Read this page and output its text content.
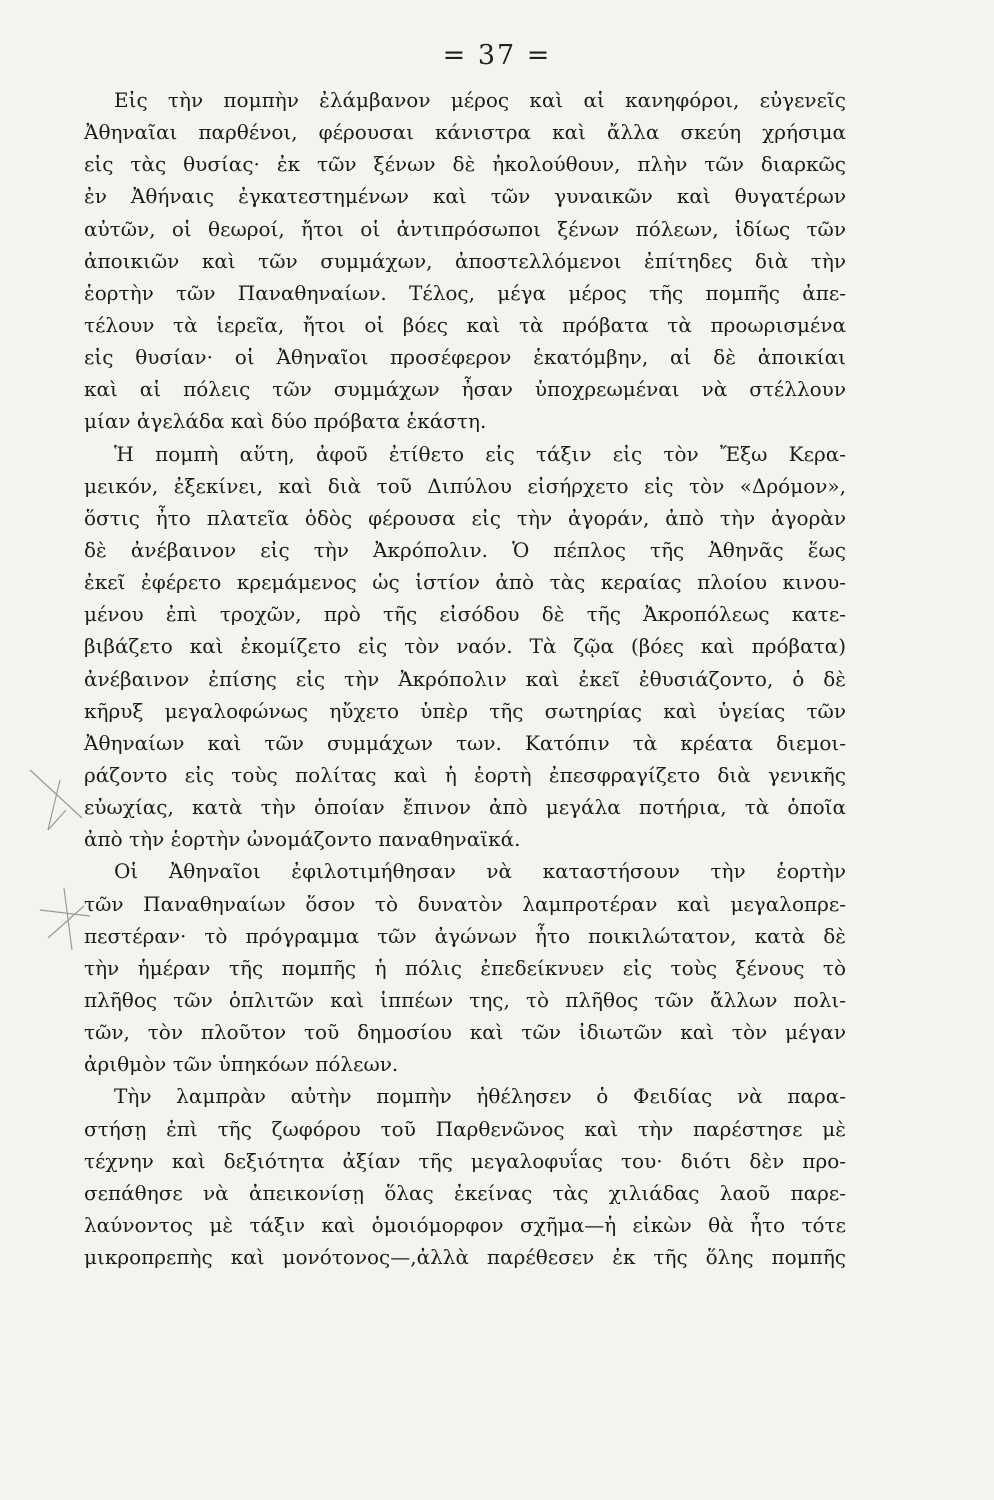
= 37 =
Εἰς τὴν πομπὴν ἐλάμβανον μέρος καὶ αἱ κανηφόροι, εὐγενεῖς
Ἀθηναῖαι παρθένοι, φέρουσαι κάνιστρα καὶ ἄλλα σκεύη χρήσιμα
εἰς τὰς θυσίας· ἐκ τῶν ξένων δὲ ἠκολούθουν, πλὴν τῶν διαρκῶς
ἐν Ἀθήναις ἐγκατεστημένων καὶ τῶν γυναικῶν καὶ θυγατέρων
αὐτῶν, οἱ θεωροί, ἤτοι οἱ ἀντιπρόσωποι ξένων πόλεων, ἰδίως τῶν
ἀποικιῶν καὶ τῶν συμμάχων, ἀποστελλόμενοι ἐπίτηδες διὰ τὴν
ἑορτὴν τῶν Παναθηναίων. Τέλος, μέγα μέρος τῆς πομπῆς ἀπε-
τέλουν τὰ ἱερεῖα, ἤτοι οἱ βόες καὶ τὰ πρόβατα τὰ προωρισμένα
εἰς θυσίαν· οἱ Ἀθηναῖοι προσέφερον ἑκατόμβην, αἱ δὲ ἀποικίαι
καὶ αἱ πόλεις τῶν συμμάχων ἦσαν ὑποχρεωμέναι νὰ στέλλουν
μίαν ἀγελάδα καὶ δύο πρόβατα ἑκάστη.
Ἡ πομπὴ αὕτη, ἀφοῦ ἐτίθετο εἰς τάξιν εἰς τὸν Ἔξω Κερα-
μεικόν, ἐξεκίνει, καὶ διὰ τοῦ Διπύλου εἰσήρχετο εἰς τὸν «Δρόμον»,
ὅστις ἦτο πλατεῖα ὁδὸς φέρουσα εἰς τὴν ἀγοράν, ἀπὸ τὴν ἀγορὰν
δὲ ἀνέβαινον εἰς τὴν Ἀκρόπολιν. Ὁ πέπλος τῆς Ἀθηνᾶς ἕως
ἐκεῖ ἐφέρετο κρεμάμενος ὡς ἱστίον ἀπὸ τὰς κεραίας πλοίου κινου-
μένου ἐπὶ τροχῶν, πρὸ τῆς εἰσόδου δὲ τῆς Ἀκροπόλεως κατε-
βιβάζετο καὶ ἐκομίζετο εἰς τὸν ναόν. Τὰ ζῷα (βόες καὶ πρόβατα)
ἀνέβαινον ἐπίσης εἰς τὴν Ἀκρόπολιν καὶ ἐκεῖ ἐθυσιάζοντο, ὁ δὲ
κῆρυξ μεγαλοφώνως ηὔχετο ὑπὲρ τῆς σωτηρίας καὶ ὑγείας τῶν
Ἀθηναίων καὶ τῶν συμμάχων των. Κατόπιν τὰ κρέατα διεμοι-
ράζοντο εἰς τοὺς πολίτας καὶ ἡ ἑορτὴ ἐπεσφραγίζετο διὰ γενικῆς
εὐωχίας, κατὰ τὴν ὁποίαν ἔπινον ἀπὸ μεγάλα ποτήρια, τὰ ὁποῖα
ἀπὸ τὴν ἑορτὴν ὠνομάζοντο παναθηναϊκά.
Οἱ Ἀθηναῖοι ἐφιλοτιμήθησαν νὰ καταστήσουν τὴν ἑορτὴν
τῶν Παναθηναίων ὅσον τὸ δυνατὸν λαμπροτέραν καὶ μεγαλοπρε-
πεστέραν· τὸ πρόγραμμα τῶν ἀγώνων ἦτο ποικιλώτατον, κατὰ δὲ
τὴν ἡμέραν τῆς πομπῆς ἡ πόλις ἐπεδείκνυεν εἰς τοὺς ξένους τὸ
πλῆθος τῶν ὁπλιτῶν καὶ ἱππέων της, τὸ πλῆθος τῶν ἄλλων πολι-
τῶν, τὸν πλοῦτον τοῦ δημοσίου καὶ τῶν ἰδιωτῶν καὶ τὸν μέγαν
ἀριθμὸν τῶν ὑπηκόων πόλεων.
Τὴν λαμπρὰν αὐτὴν πομπὴν ἠθέλησεν ὁ Φειδίας νὰ παρα-
στήσῃ ἐπὶ τῆς ζωφόρου τοῦ Παρθενῶνος καὶ τὴν παρέστησε μὲ
τέχνην καὶ δεξιότητα ἀξίαν τῆς μεγαλοφυΐας του· διότι δὲν προ-
σεπάθησε νὰ ἀπεικονίσῃ ὅλας ἐκείνας τὰς χιλιάδας λαοῦ παρε-
λαύνοντος μὲ τάξιν καὶ ὁμοιόμορφον σχῆμα—ἡ εἰκὼν θὰ ἦτο τότε
μικροπρεπὴς καὶ μονότονος—,ἀλλὰ παρέθεσεν ἐκ τῆς ὅλης πομπῆς
